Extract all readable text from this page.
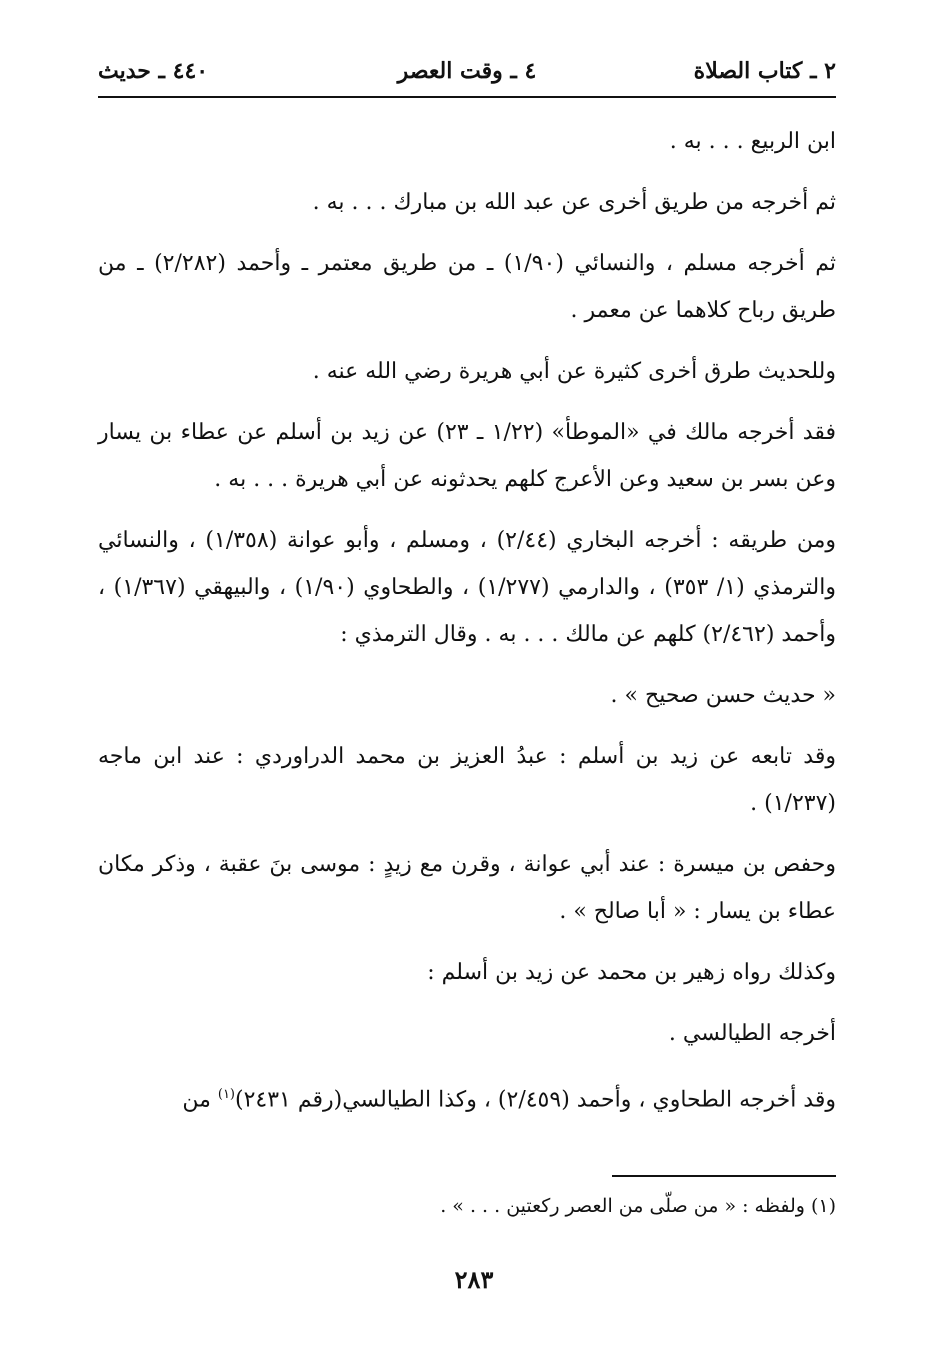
٢ ـ كتاب الصلاة
٤ ـ وقت العصر
٤٤٠ ـ حديث

ابن الربيع . . . به .

ثم أخرجه من طريق أخرى عن عبد الله بن مبارك . . . به .

ثم أخرجه مسلم ، والنسائي (١/٩٠) ـ من طريق معتمر ـ وأحمد (٢/٢٨٢) ـ من طريق رباح كلاهما عن معمر .

وللحديث طرق أخرى كثيرة عن أبي هريرة رضي الله عنه .

فقد أخرجه مالك في «الموطأ» (١/٢٢ ـ ٢٣) عن زيد بن أسلم عن عطاء بن يسار وعن بسر بن سعيد وعن الأعرج كلهم يحدثونه عن أبي هريرة . . . به .

ومن طريقه : أخرجه البخاري (٢/٤٤) ، ومسلم ، وأبو عوانة (١/٣٥٨) ، والنسائي والترمذي (١/ ٣٥٣) ، والدارمي (١/٢٧٧) ، والطحاوي (١/٩٠) ، والبيهقي (١/٣٦٧) ، وأحمد (٢/٤٦٢) كلهم عن مالك . . . به . وقال الترمذي :

« حديث حسن صحيح » .

وقد تابعه عن زيد بن أسلم : عبدُ العزيز بن محمد الدراوردي : عند ابن ماجه (١/٢٣٧) .

وحفص بن ميسرة : عند أبي عوانة ، وقرن مع زيدٍ : موسى بنَ عقبة ، وذكر مكان عطاء بن يسار : « أبا صالح » .

وكذلك رواه زهير بن محمد عن زيد بن أسلم :

أخرجه الطيالسي .

وقد أخرجه الطحاوي ، وأحمد (٢/٤٥٩) ، وكذا الطيالسي(رقم ٢٤٣١)$^{(١)}$ من

(١) ولفظه : « من صلّى من العصر ركعتين . . . » .
٢٨٣
